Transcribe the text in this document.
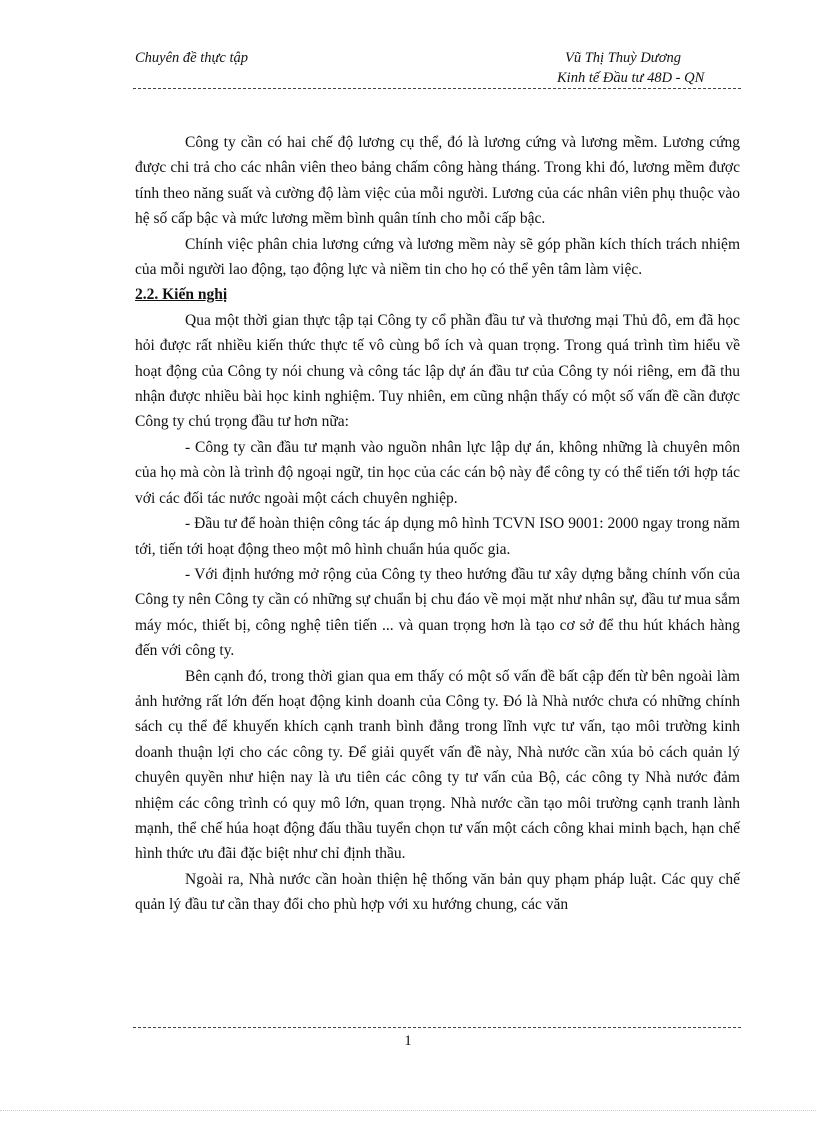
Chuyên đề thực tập	Vũ Thị Thuỳ Dương
Kinh tế Đầu tư 48D - QN

Công ty cần có hai chế độ lương cụ thể, đó là lương cứng và lương mềm. Lương cứng được chi trả cho các nhân viên theo bảng chấm công hàng tháng. Trong khi đó, lương mềm được tính theo năng suất và cường độ làm việc của mỗi người. Lương của các nhân viên phụ thuộc vào hệ số cấp bậc và mức lương mềm bình quân tính cho mỗi cấp bậc.

Chính việc phân chia lương cứng và lương mềm này sẽ góp phần kích thích trách nhiệm của mỗi người lao động, tạo động lực và niềm tin cho họ có thể yên tâm làm việc.

2.2. Kiến nghị

Qua một thời gian thực tập tại Công ty cổ phần đầu tư và thương mại Thủ đô, em đã học hỏi được rất nhiều kiến thức thực tế vô cùng bổ ích và quan trọng. Trong quá trình tìm hiểu về hoạt động của Công ty nói chung và công tác lập dự án đầu tư của Công ty nói riêng, em đã thu nhận được nhiều bài học kinh nghiệm. Tuy nhiên, em cũng nhận thấy có một số vấn đề cần được Công ty chú trọng đầu tư hơn nữa:

- Công ty cần đầu tư mạnh vào nguồn nhân lực lập dự án, không những là chuyên môn của họ mà còn là trình độ ngoại ngữ, tin học của các cán bộ này để công ty có thể tiến tới hợp tác với các đối tác nước ngoài một cách chuyên nghiệp.

- Đầu tư để hoàn thiện công tác áp dụng mô hình TCVN ISO 9001: 2000 ngay trong năm tới, tiến tới hoạt động theo một mô hình chuẩn húa quốc gia.

- Với định hướng mở rộng của Công ty theo hướng đầu tư xây dựng bằng chính vốn của Công ty nên Công ty cần có những sự chuẩn bị chu đáo về mọi mặt như nhân sự, đầu tư mua sắm máy móc, thiết bị, công nghệ tiên tiến ... và quan trọng hơn là tạo cơ sở để thu hút khách hàng đến với công ty.

Bên cạnh đó, trong thời gian qua em thấy có một số vấn đề bất cập đến từ bên ngoài làm ảnh hưởng rất lớn đến hoạt động kinh doanh của Công ty. Đó là Nhà nước chưa có những chính sách cụ thể để khuyến khích cạnh tranh bình đẳng trong lĩnh vực tư vấn, tạo môi trường kinh doanh thuận lợi cho các công ty. Để giải quyết vấn đề này, Nhà nước cần xúa bỏ cách quản lý chuyên quyền như hiện nay là ưu tiên các công ty tư vấn của Bộ, các công ty Nhà nước đảm nhiệm các công trình có quy mô lớn, quan trọng. Nhà nước cần tạo môi trường cạnh tranh lành mạnh, thể chế húa hoạt động đấu thầu tuyển chọn tư vấn một cách công khai minh bạch, hạn chế hình thức ưu đãi đặc biệt như chỉ định thầu.

Ngoài ra, Nhà nước cần hoàn thiện hệ thống văn bản quy phạm pháp luật. Các quy chế quản lý đầu tư cần thay đổi cho phù hợp với xu hướng chung, các văn

1
